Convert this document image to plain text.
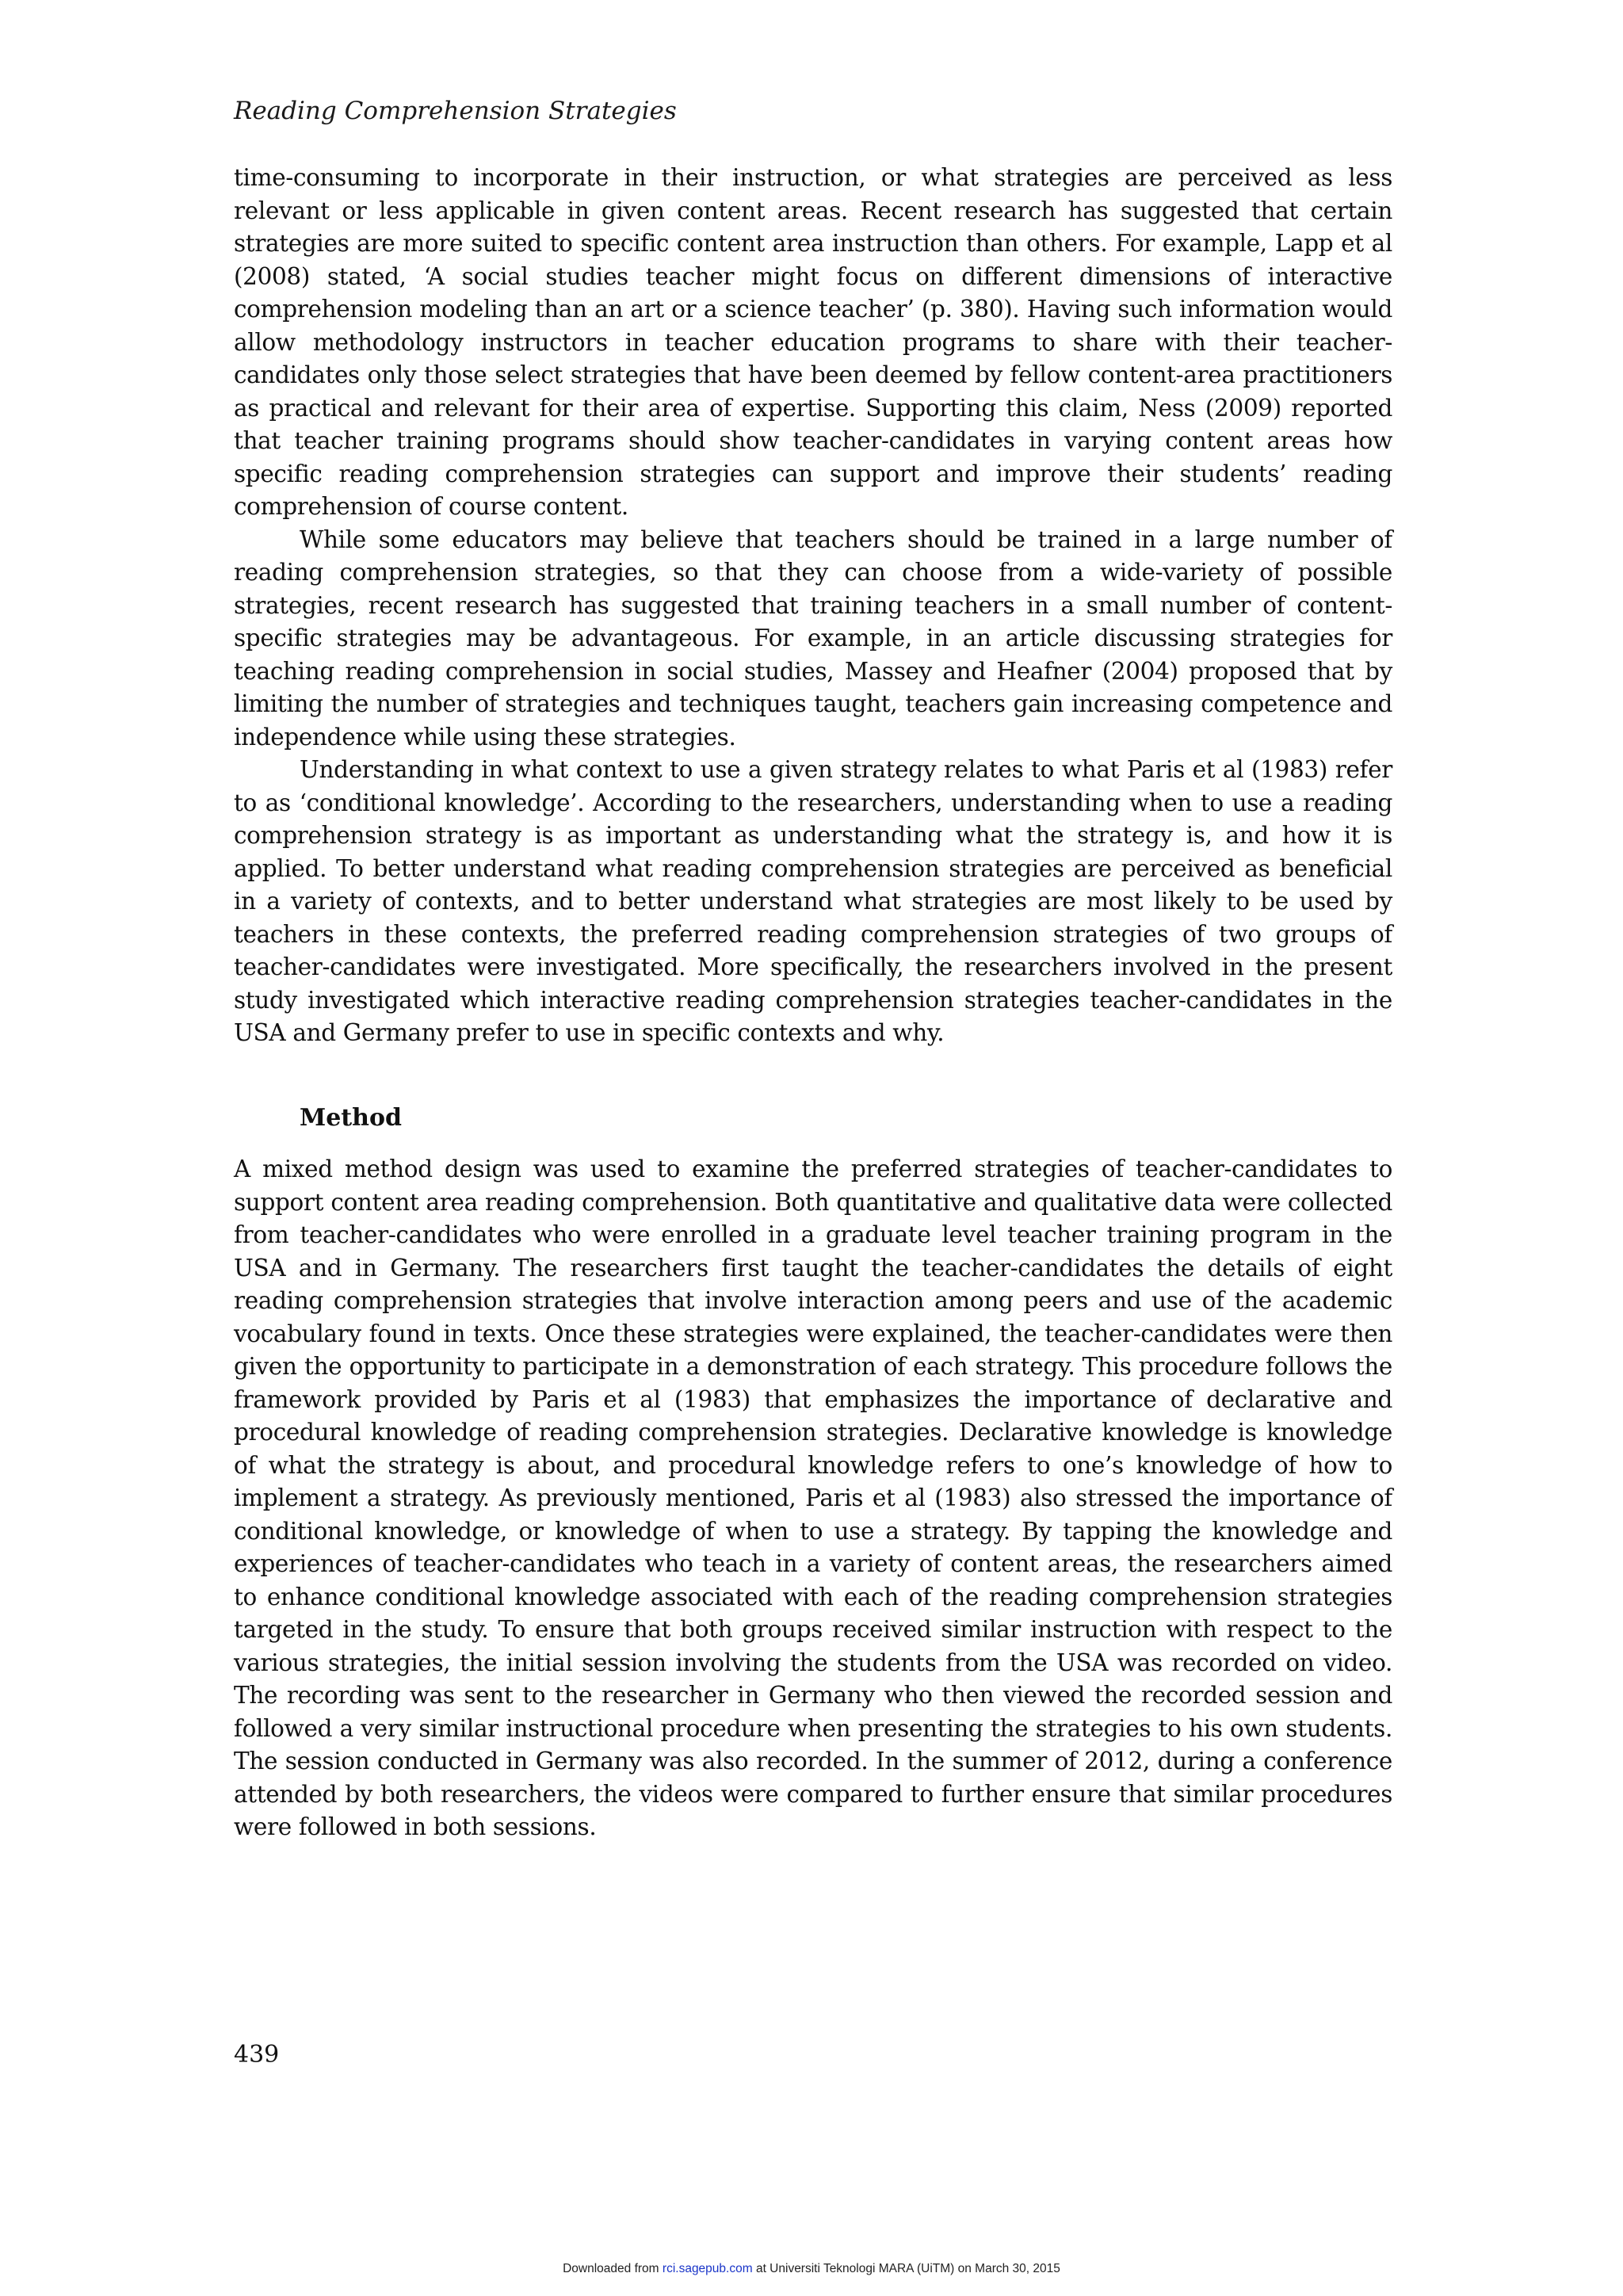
Reading Comprehension Strategies

time-consuming to incorporate in their instruction, or what strategies are perceived as less relevant or less applicable in given content areas. Recent research has suggested that certain strategies are more suited to specific content area instruction than others. For example, Lapp et al (2008) stated, ‘A social studies teacher might focus on different dimensions of interactive comprehension modeling than an art or a science teacher’ (p. 380). Having such information would allow methodology instructors in teacher education programs to share with their teacher-candidates only those select strategies that have been deemed by fellow content-area practitioners as practical and relevant for their area of expertise. Supporting this claim, Ness (2009) reported that teacher training programs should show teacher-candidates in varying content areas how specific reading comprehension strategies can support and improve their students’ reading comprehension of course content.

While some educators may believe that teachers should be trained in a large number of reading comprehension strategies, so that they can choose from a wide-variety of possible strategies, recent research has suggested that training teachers in a small number of content-specific strategies may be advantageous. For example, in an article discussing strategies for teaching reading comprehension in social studies, Massey and Heafner (2004) proposed that by limiting the number of strategies and techniques taught, teachers gain increasing competence and independence while using these strategies.

Understanding in what context to use a given strategy relates to what Paris et al (1983) refer to as ‘conditional knowledge’. According to the researchers, understanding when to use a reading comprehension strategy is as important as understanding what the strategy is, and how it is applied. To better understand what reading comprehension strategies are perceived as beneficial in a variety of contexts, and to better understand what strategies are most likely to be used by teachers in these contexts, the preferred reading comprehension strategies of two groups of teacher-candidates were investigated. More specifically, the researchers involved in the present study investigated which interactive reading comprehension strategies teacher-candidates in the USA and Germany prefer to use in specific contexts and why.

Method

A mixed method design was used to examine the preferred strategies of teacher-candidates to support content area reading comprehension. Both quantitative and qualitative data were collected from teacher-candidates who were enrolled in a graduate level teacher training program in the USA and in Germany. The researchers first taught the teacher-candidates the details of eight reading comprehension strategies that involve interaction among peers and use of the academic vocabulary found in texts. Once these strategies were explained, the teacher-candidates were then given the opportunity to participate in a demonstration of each strategy. This procedure follows the framework provided by Paris et al (1983) that emphasizes the importance of declarative and procedural knowledge of reading comprehension strategies. Declarative knowledge is knowledge of what the strategy is about, and procedural knowledge refers to one’s knowledge of how to implement a strategy. As previously mentioned, Paris et al (1983) also stressed the importance of conditional knowledge, or knowledge of when to use a strategy. By tapping the knowledge and experiences of teacher-candidates who teach in a variety of content areas, the researchers aimed to enhance conditional knowledge associated with each of the reading comprehension strategies targeted in the study. To ensure that both groups received similar instruction with respect to the various strategies, the initial session involving the students from the USA was recorded on video. The recording was sent to the researcher in Germany who then viewed the recorded session and followed a very similar instructional procedure when presenting the strategies to his own students. The session conducted in Germany was also recorded. In the summer of 2012, during a conference attended by both researchers, the videos were compared to further ensure that similar procedures were followed in both sessions.

439

Downloaded from rci.sagepub.com at Universiti Teknologi MARA (UiTM) on March 30, 2015
